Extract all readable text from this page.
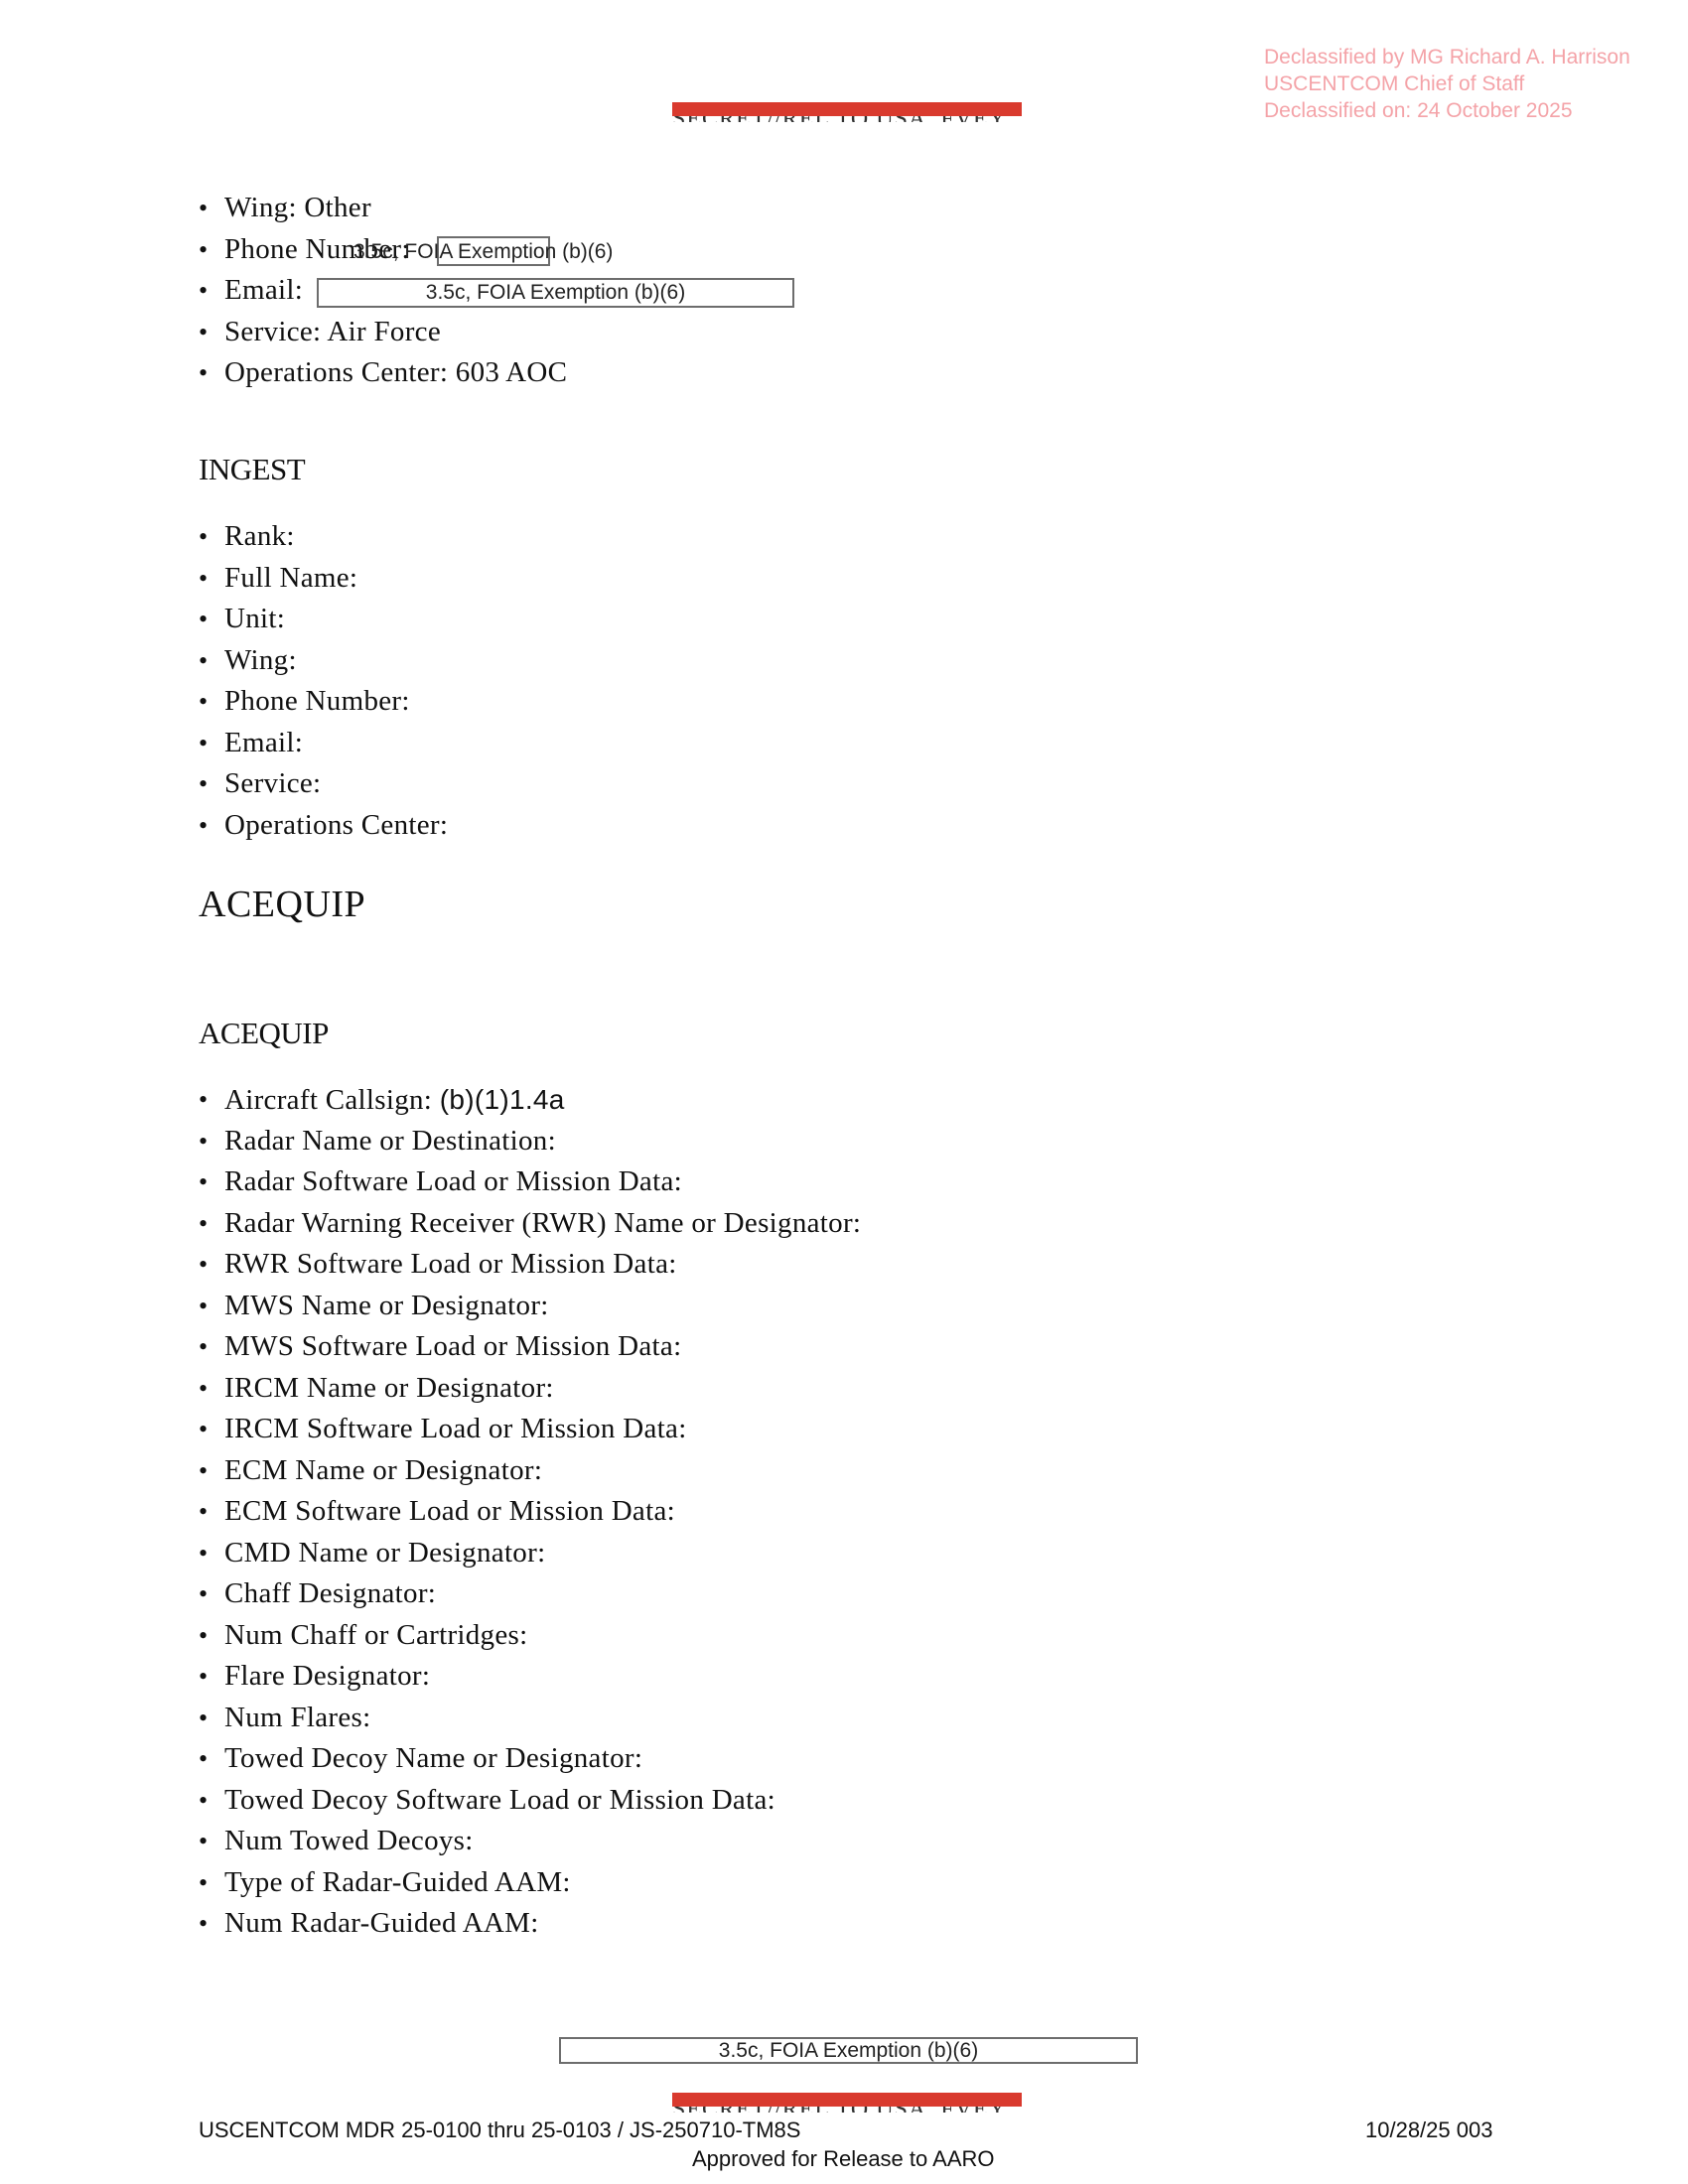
Declassified by MG Richard A. Harrison
USCENTCOM Chief of Staff
Declassified on: 24 October 2025
• Wing: Other
• Phone Number:
• Email:
• Service: Air Force
• Operations Center: 603 AOC
3.5c, FOIA Exemption (b)(6)
3.5c, FOIA Exemption (b)(6)
INGEST
• Rank:
• Full Name:
• Unit:
• Wing:
• Phone Number:
• Email:
• Service:
• Operations Center:
ACEQUIP
ACEQUIP
• Aircraft Callsign: (b)(1)1.4a
• Radar Name or Destination:
• Radar Software Load or Mission Data:
• Radar Warning Receiver (RWR) Name or Designator:
• RWR Software Load or Mission Data:
• MWS Name or Designator:
• MWS Software Load or Mission Data:
• IRCM Name or Designator:
• IRCM Software Load or Mission Data:
• ECM Name or Designator:
• ECM Software Load or Mission Data:
• CMD Name or Designator:
• Chaff Designator:
• Num Chaff or Cartridges:
• Flare Designator:
• Num Flares:
• Towed Decoy Name or Designator:
• Towed Decoy Software Load or Mission Data:
• Num Towed Decoys:
• Type of Radar-Guided AAM:
• Num Radar-Guided AAM:
3.5c, FOIA Exemption (b)(6)
USCENTCOM MDR 25-0100 thru 25-0103 / JS-250710-TM8S	10/28/25 003
Approved for Release to AARO
